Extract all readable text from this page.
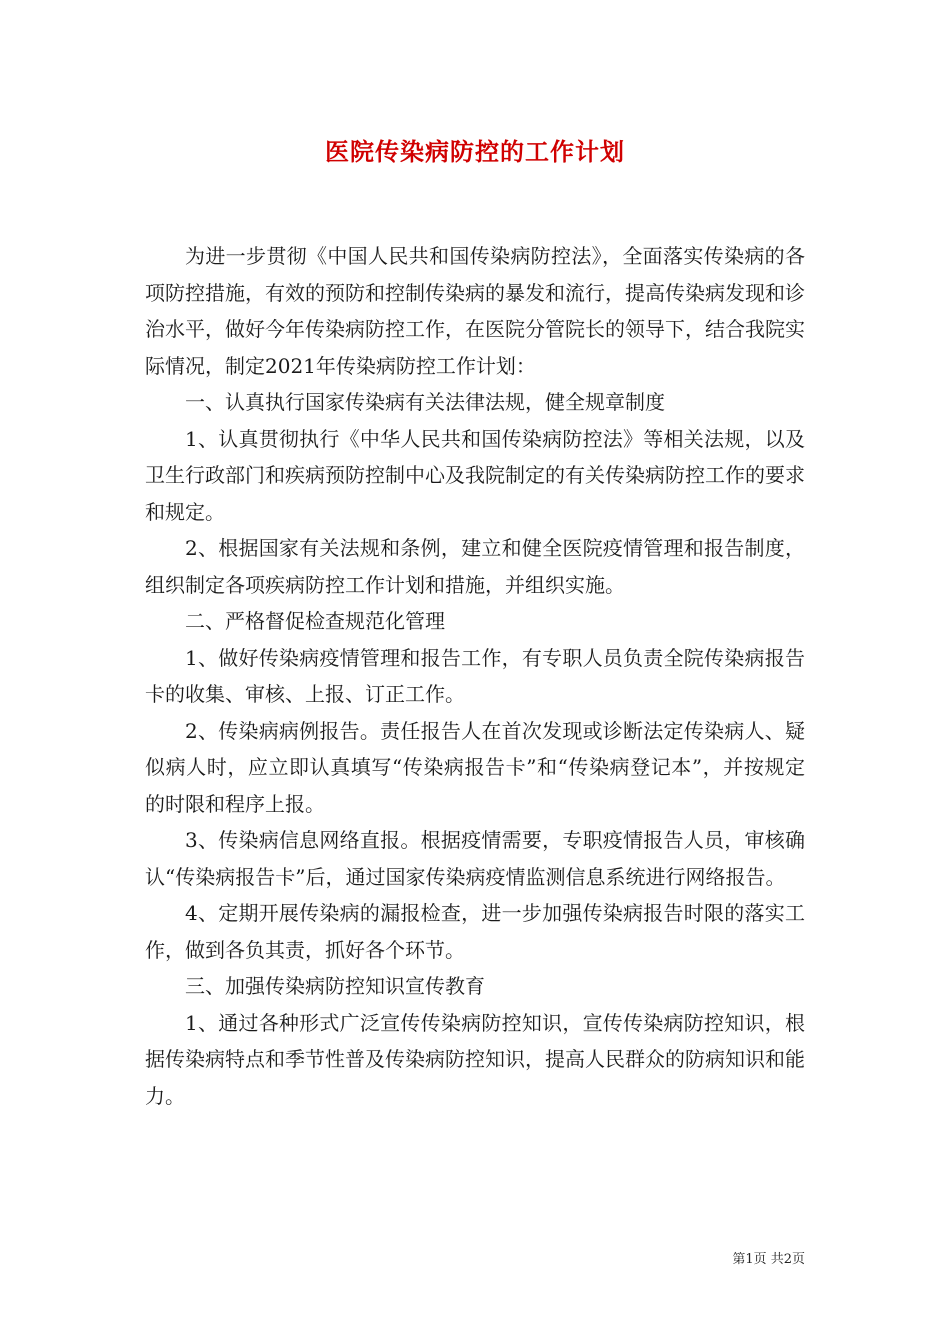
医院传染病防控的工作计划

为进一步贯彻《中国人民共和国传染病防控法》，全面落实传染病的各项防控措施，有效的预防和控制传染病的暴发和流行，提高传染病发现和诊治水平，做好今年传染病防控工作，在医院分管院长的领导下，结合我院实际情况，制定2021年传染病防控工作计划：

一、认真执行国家传染病有关法律法规，健全规章制度

1、认真贯彻执行《中华人民共和国传染病防控法》等相关法规，以及卫生行政部门和疾病预防控制中心及我院制定的有关传染病防控工作的要求和规定。

2、根据国家有关法规和条例，建立和健全医院疫情管理和报告制度，组织制定各项疾病防控工作计划和措施，并组织实施。

二、严格督促检查规范化管理

1、做好传染病疫情管理和报告工作，有专职人员负责全院传染病报告卡的收集、审核、上报、订正工作。

2、传染病病例报告。责任报告人在首次发现或诊断法定传染病人、疑似病人时，应立即认真填写“传染病报告卡”和“传染病登记本”，并按规定的时限和程序上报。

3、传染病信息网络直报。根据疫情需要，专职疫情报告人员，审核确认“传染病报告卡”后，通过国家传染病疫情监测信息系统进行网络报告。

4、定期开展传染病的漏报检查，进一步加强传染病报告时限的落实工作，做到各负其责，抓好各个环节。

三、加强传染病防控知识宣传教育

1、通过各种形式广泛宣传传染病防控知识，宣传传染病防控知识，根据传染病特点和季节性普及传染病防控知识，提高人民群众的防病知识和能力。

第1页 共2页
